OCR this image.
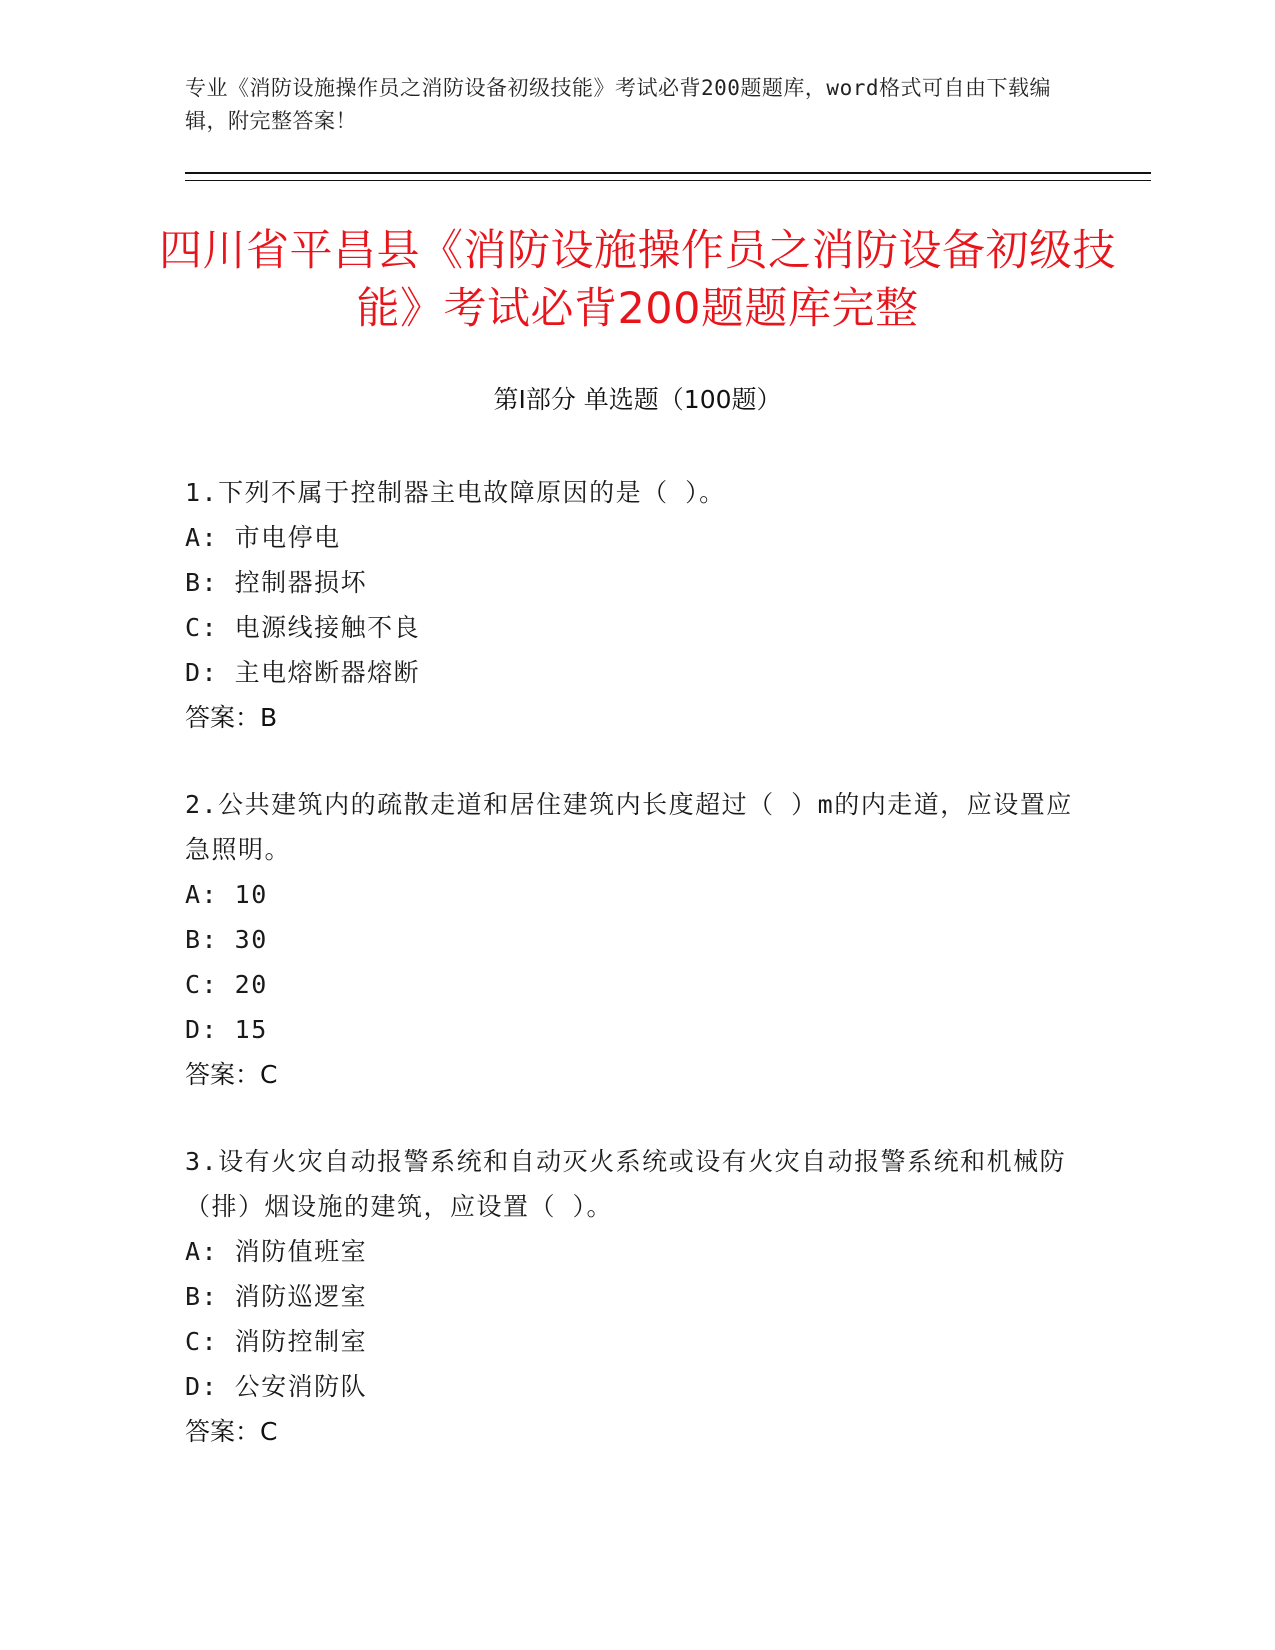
专业《消防设施操作员之消防设备初级技能》考试必背200题题库，word格式可自由下载编辑，附完整答案！
四川省平昌县《消防设施操作员之消防设备初级技能》考试必背200题题库完整
第Ⅰ部分 单选题（100题）
1.下列不属于控制器主电故障原因的是（ ）。
A: 市电停电
B: 控制器损坏
C: 电源线接触不良
D: 主电熔断器熔断
答案：B
2.公共建筑内的疏散走道和居住建筑内长度超过（ ）m的内走道，应设置应急照明。
A: 10
B: 30
C: 20
D: 15
答案：C
3.设有火灾自动报警系统和自动灭火系统或设有火灾自动报警系统和机械防（排）烟设施的建筑，应设置（ ）。
A: 消防值班室
B: 消防巡逻室
C: 消防控制室
D: 公安消防队
答案：C
